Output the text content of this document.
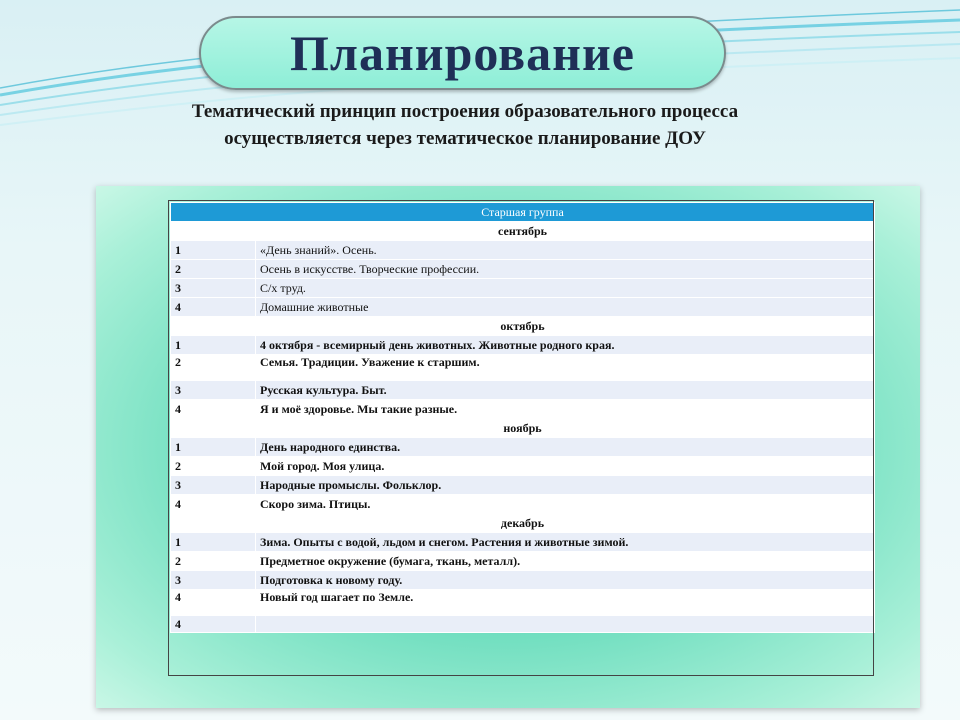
Планирование
Тематический принцип построения образовательного процесса осуществляется через тематическое планирование ДОУ
Старшая группа	
сентябрь	
1	«День знаний». Осень.
2	Осень в искусстве. Творческие профессии.
3	С/х труд.
4	Домашние животные
октябрь	
1	4 октября - всемирный день животных. Животные родного края.
2	Семья. Традиции. Уважение к старшим.
3	Русская культура. Быт.
4	Я и моё здоровье. Мы такие разные.
ноябрь	
1	День народного единства.
2	Мой город. Моя улица.
3	Народные промыслы. Фольклор.
4	Скоро зима. Птицы.
декабрь	
1	Зима. Опыты с водой, льдом и снегом. Растения и животные зимой.
2	Предметное окружение (бумага, ткань, металл).
3	Подготовка к новому году.
4	Новый год шагает по Земле.
4	
